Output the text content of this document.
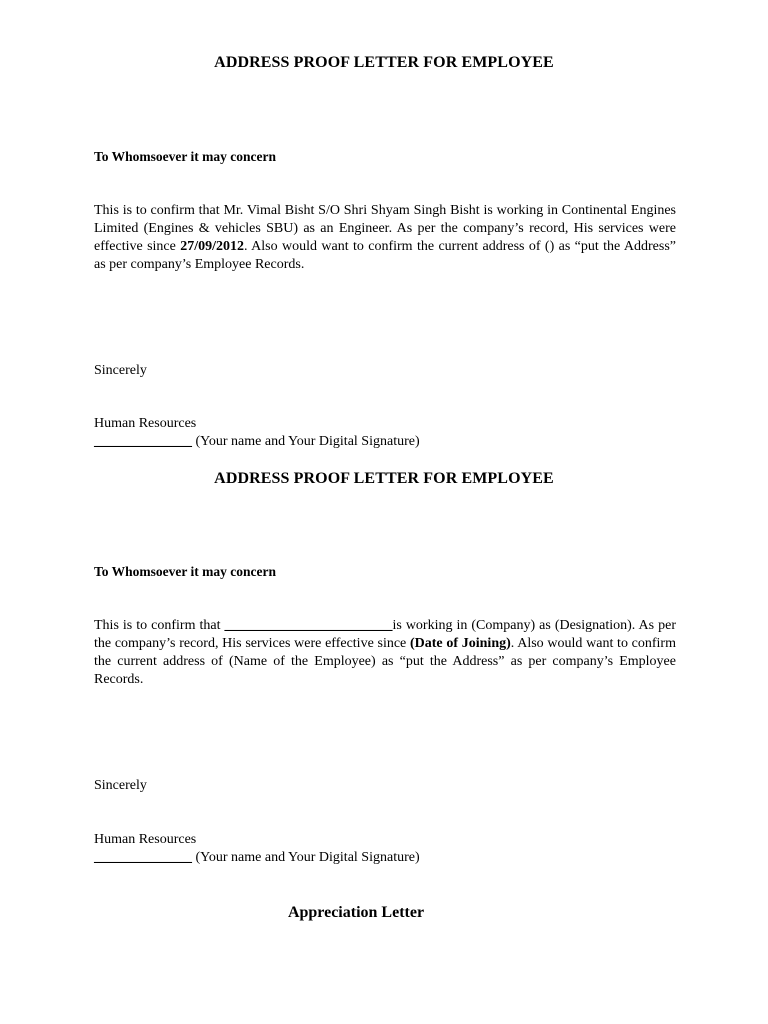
ADDRESS PROOF LETTER FOR EMPLOYEE
To Whomsoever it may concern
This is to confirm that Mr. Vimal Bisht S/O Shri Shyam Singh Bisht is working in Continental Engines Limited (Engines & vehicles SBU) as an Engineer. As per the company’s record, His services were effective since 27/09/2012. Also would want to confirm the current address of () as “put the Address” as per company’s Employee Records.
Sincerely
Human Resources
______________ (Your name and Your Digital Signature)
ADDRESS PROOF LETTER FOR EMPLOYEE
To Whomsoever it may concern
This is to confirm that ________________________is working in (Company) as (Designation). As per the company’s record, His services were effective since (Date of Joining). Also would want to confirm the current address of (Name of the Employee) as “put the Address” as per company’s Employee Records.
Sincerely
Human Resources
______________ (Your name and Your Digital Signature)
Appreciation Letter
